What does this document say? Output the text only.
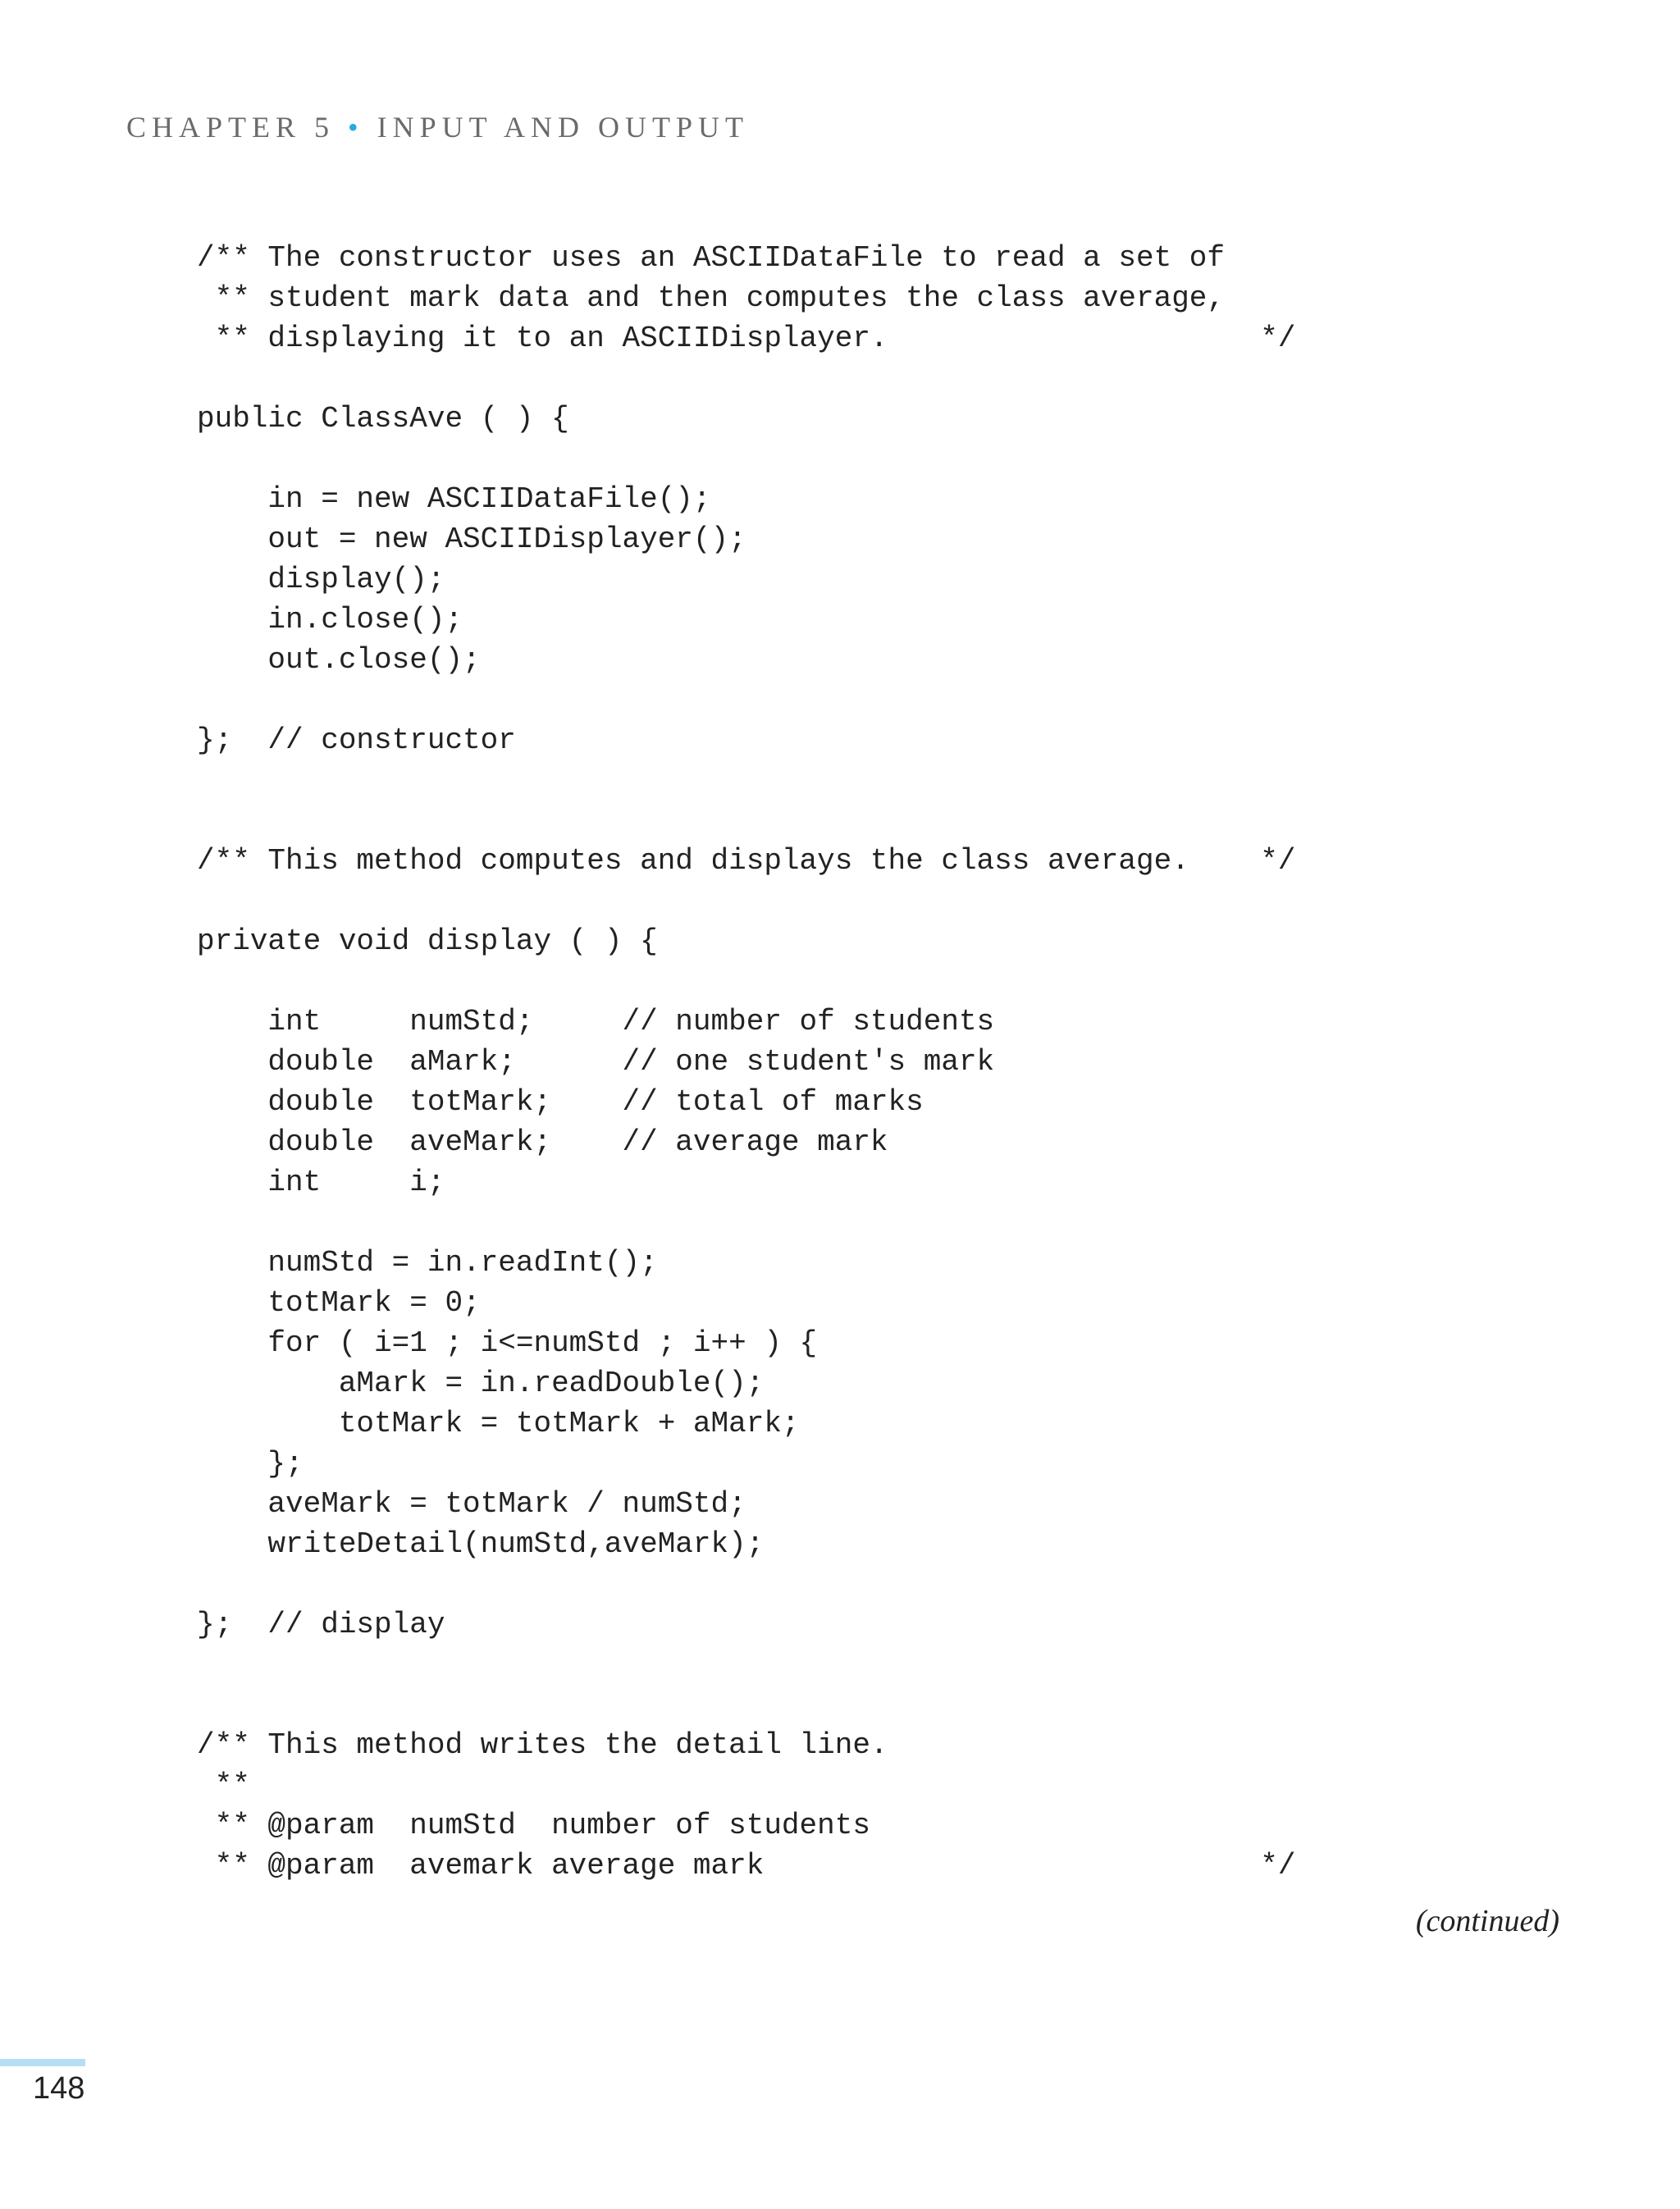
CHAPTER 5 • INPUT AND OUTPUT
/** The constructor uses an ASCIIDataFile to read a set of
** student mark data and then computes the class average,
** displaying it to an ASCIIDisplayer.                     */
public ClassAve ( ) {
in = new ASCIIDataFile();
out = new ASCIIDisplayer();
display();
in.close();
out.close();
};  // constructor
/** This method computes and displays the class average.    */
private void display ( ) {
int     numStd;     // number of students
double  aMark;      // one student's mark
double  totMark;    // total of marks
double  aveMark;    // average mark
int     i;
numStd = in.readInt();
totMark = 0;
for ( i=1 ; i<=numStd ; i++ ) {
aMark = in.readDouble();
totMark = totMark + aMark;
};
aveMark = totMark / numStd;
writeDetail(numStd,aveMark);
};  // display
/** This method writes the detail line.
**
** @param  numStd  number of students
** @param  avemark average mark                            */
(continued)
148
